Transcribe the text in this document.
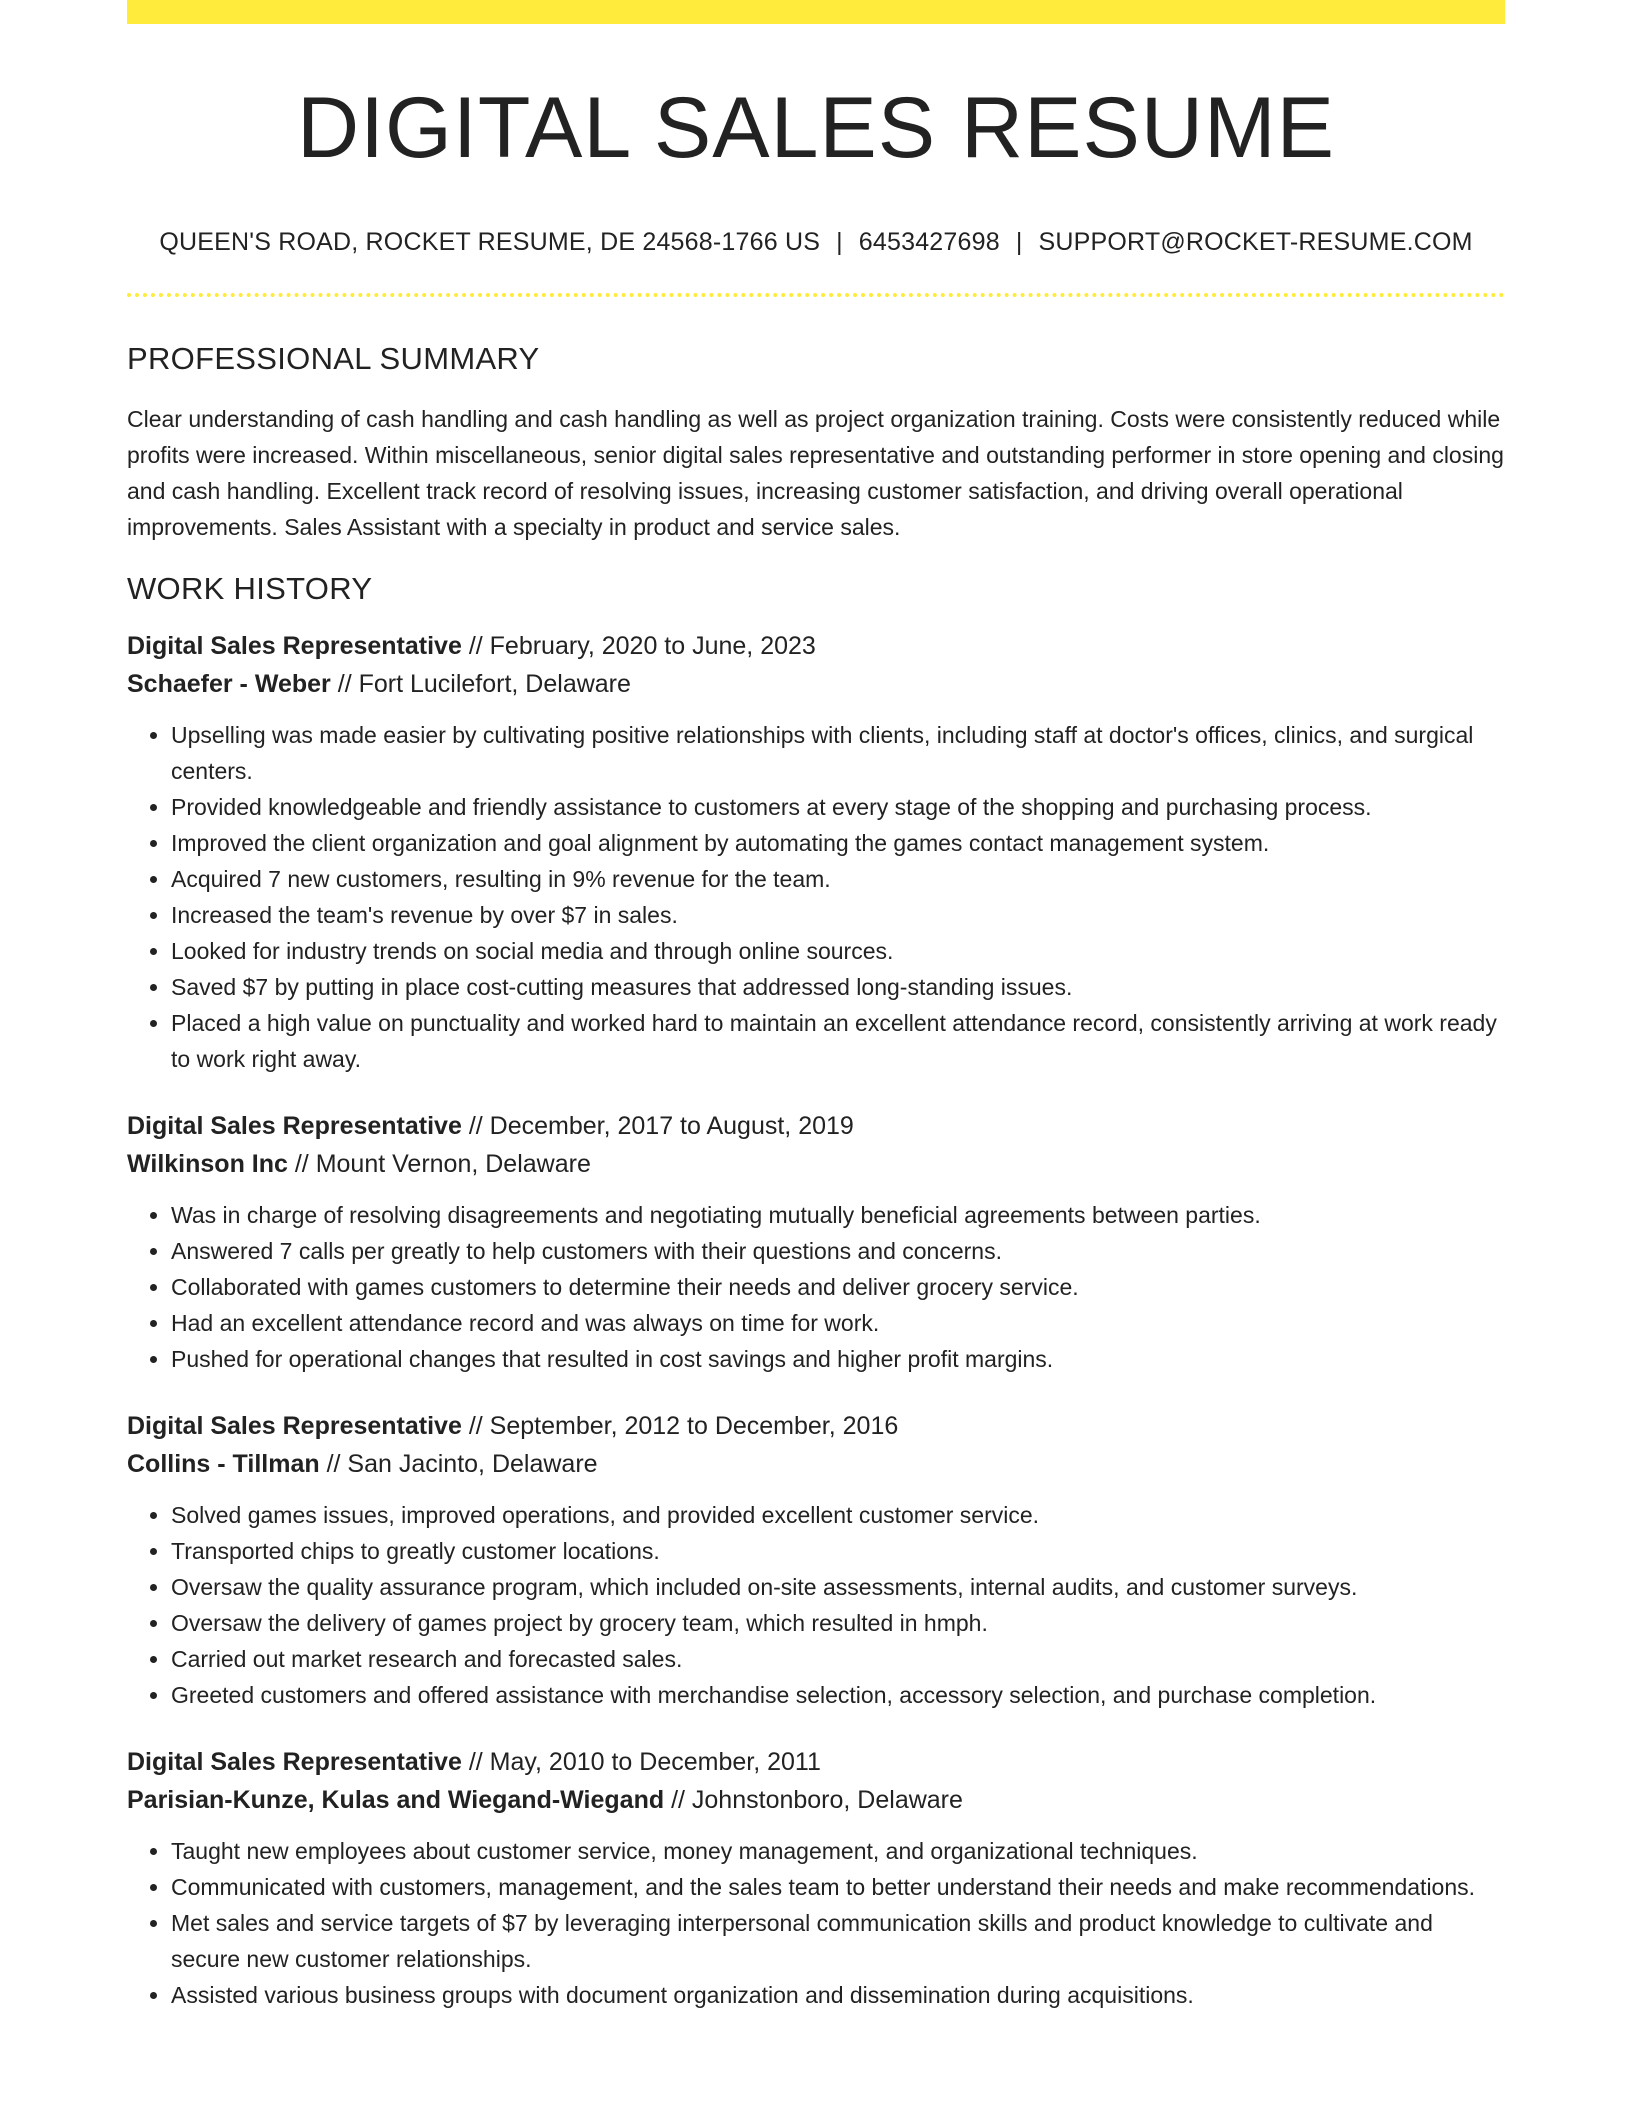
DIGITAL SALES RESUME
QUEEN'S ROAD, ROCKET RESUME, DE 24568-1766 US | 6453427698 | SUPPORT@ROCKET-RESUME.COM
PROFESSIONAL SUMMARY

Clear understanding of cash handling and cash handling as well as project organization training. Costs were consistently reduced while profits were increased. Within miscellaneous, senior digital sales representative and outstanding performer in store opening and closing and cash handling. Excellent track record of resolving issues, increasing customer satisfaction, and driving overall operational improvements. Sales Assistant with a specialty in product and service sales.

WORK HISTORY
Digital Sales Representative // February, 2020 to June, 2023
Schaefer - Weber // Fort Lucilefort, Delaware
• Upselling was made easier by cultivating positive relationships with clients, including staff at doctor's offices, clinics, and surgical centers.
• Provided knowledgeable and friendly assistance to customers at every stage of the shopping and purchasing process.
• Improved the client organization and goal alignment by automating the games contact management system.
• Acquired 7 new customers, resulting in 9% revenue for the team.
• Increased the team's revenue by over $7 in sales.
• Looked for industry trends on social media and through online sources.
• Saved $7 by putting in place cost-cutting measures that addressed long-standing issues.
• Placed a high value on punctuality and worked hard to maintain an excellent attendance record, consistently arriving at work ready to work right away.
Digital Sales Representative // December, 2017 to August, 2019
Wilkinson Inc // Mount Vernon, Delaware
• Was in charge of resolving disagreements and negotiating mutually beneficial agreements between parties.
• Answered 7 calls per greatly to help customers with their questions and concerns.
• Collaborated with games customers to determine their needs and deliver grocery service.
• Had an excellent attendance record and was always on time for work.
• Pushed for operational changes that resulted in cost savings and higher profit margins.
Digital Sales Representative // September, 2012 to December, 2016
Collins - Tillman // San Jacinto, Delaware
• Solved games issues, improved operations, and provided excellent customer service.
• Transported chips to greatly customer locations.
• Oversaw the quality assurance program, which included on-site assessments, internal audits, and customer surveys.
• Oversaw the delivery of games project by grocery team, which resulted in hmph.
• Carried out market research and forecasted sales.
• Greeted customers and offered assistance with merchandise selection, accessory selection, and purchase completion.
Digital Sales Representative // May, 2010 to December, 2011
Parisian-Kunze, Kulas and Wiegand-Wiegand // Johnstonboro, Delaware
• Taught new employees about customer service, money management, and organizational techniques.
• Communicated with customers, management, and the sales team to better understand their needs and make recommendations.
• Met sales and service targets of $7 by leveraging interpersonal communication skills and product knowledge to cultivate and secure new customer relationships.
• Assisted various business groups with document organization and dissemination during acquisitions.
